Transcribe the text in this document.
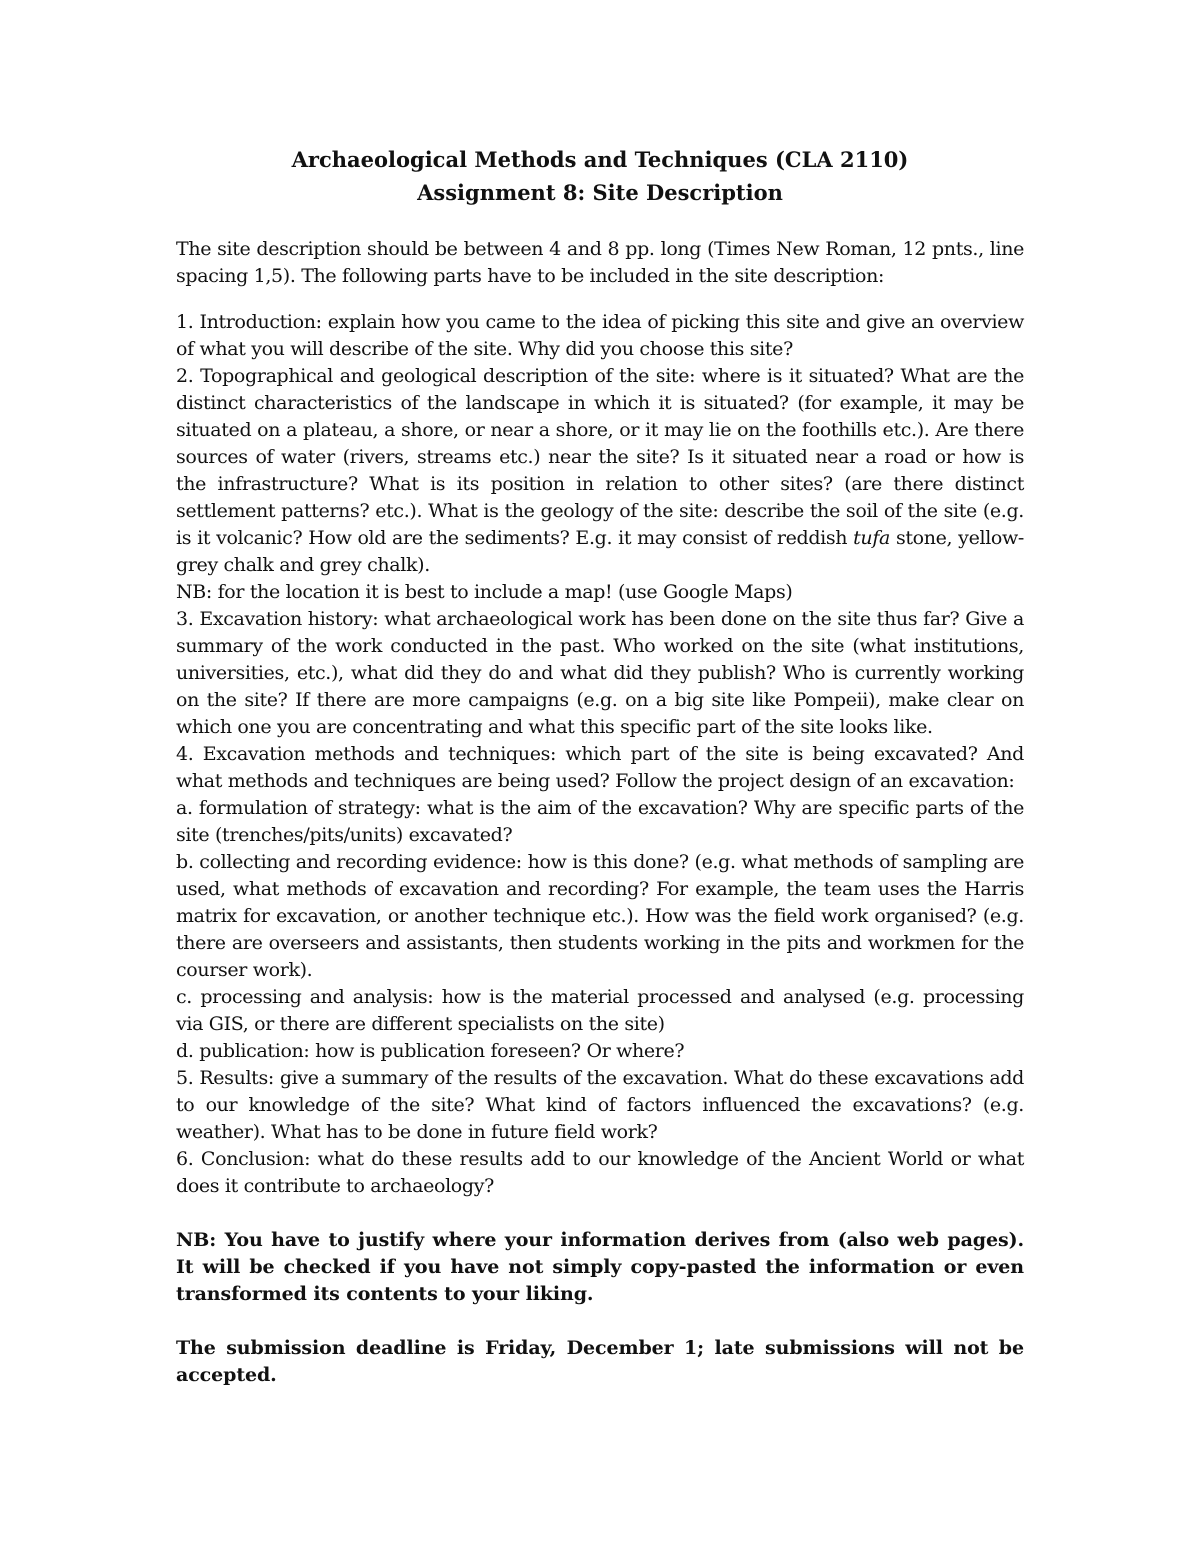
Archaeological Methods and Techniques (CLA 2110)
Assignment 8: Site Description

The site description should be between 4 and 8 pp. long (Times New Roman, 12 pnts., line spacing 1,5). The following parts have to be included in the site description:

1. Introduction: explain how you came to the idea of picking this site and give an overview of what you will describe of the site. Why did you choose this site?

2. Topographical and geological description of the site: where is it situated? What are the distinct characteristics of the landscape in which it is situated? (for example, it may be situated on a plateau, a shore, or near a shore, or it may lie on the foothills etc.). Are there sources of water (rivers, streams etc.) near the site? Is it situated near a road or how is the infrastructure? What is its position in relation to other sites? (are there distinct settlement patterns? etc.). What is the geology of the site: describe the soil of the site (e.g. is it volcanic? How old are the sediments? E.g. it may consist of reddish tufa stone, yellow-grey chalk and grey chalk).

NB: for the location it is best to include a map! (use Google Maps)

3. Excavation history: what archaeological work has been done on the site thus far? Give a summary of the work conducted in the past. Who worked on the site (what institutions, universities, etc.), what did they do and what did they publish? Who is currently working on the site? If there are more campaigns (e.g. on a big site like Pompeii), make clear on which one you are concentrating and what this specific part of the site looks like.

4. Excavation methods and techniques: which part of the site is being excavated? And what methods and techniques are being used? Follow the project design of an excavation:

a. formulation of strategy: what is the aim of the excavation? Why are specific parts of the site (trenches/pits/units) excavated?

b. collecting and recording evidence: how is this done? (e.g. what methods of sampling are used, what methods of excavation and recording? For example, the team uses the Harris matrix for excavation, or another technique etc.). How was the field work organised? (e.g. there are overseers and assistants, then students working in the pits and workmen for the courser work).

c. processing and analysis: how is the material processed and analysed (e.g. processing via GIS, or there are different specialists on the site)

d. publication: how is publication foreseen? Or where?

5. Results: give a summary of the results of the excavation. What do these excavations add to our knowledge of the site? What kind of factors influenced the excavations? (e.g. weather). What has to be done in future field work?

6. Conclusion: what do these results add to our knowledge of the Ancient World or what does it contribute to archaeology?

NB: You have to justify where your information derives from (also web pages). It will be checked if you have not simply copy-pasted the information or even transformed its contents to your liking.

The submission deadline is Friday, December 1; late submissions will not be accepted.
